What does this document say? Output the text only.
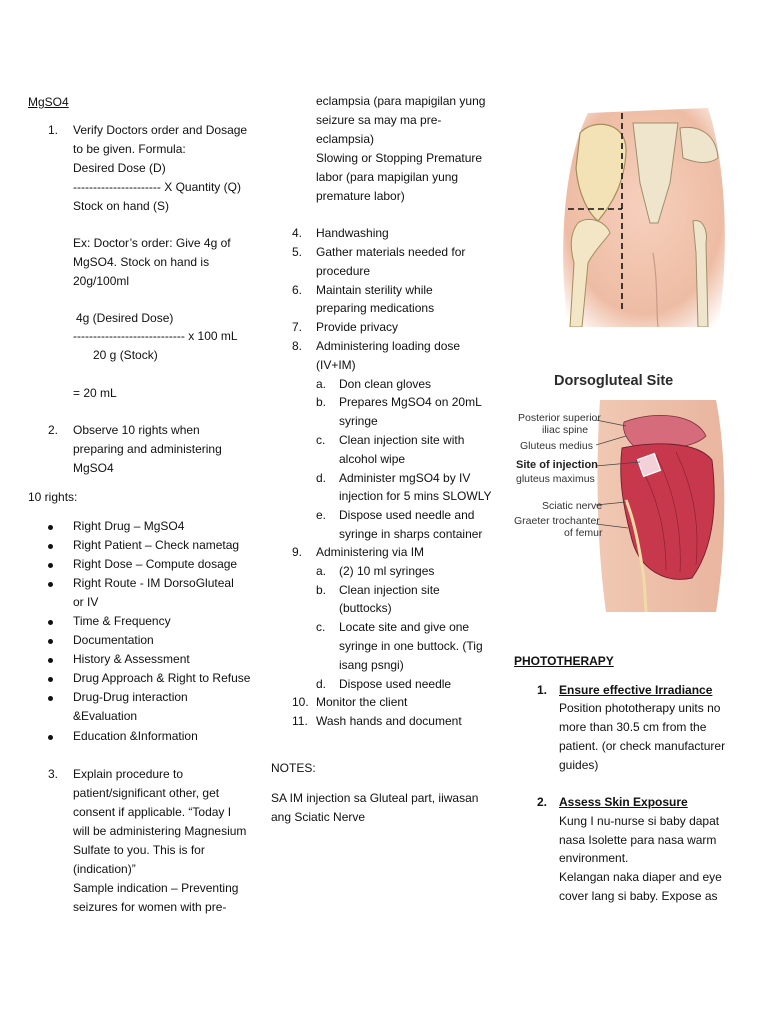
MgSO4
1. Verify Doctors order and Dosage
to be given. Formula:
Desired Dose (D)
---------------------- X Quantity (Q)
Stock on hand (S)
Ex: Doctor’s order: Give 4g of
MgSO4. Stock on hand is
20g/100ml
4g (Desired Dose)
---------------------------- x 100 mL
20 g (Stock)
= 20 mL
2. Observe 10 rights when
preparing and administering
MgSO4
10 rights:
Right Drug – MgSO4
Right Patient – Check nametag
Right Dose – Compute dosage
Right Route - IM DorsoGluteal
or IV
Time & Frequency
Documentation
History & Assessment
Drug Approach & Right to Refuse
Drug-Drug interaction
&Evaluation
Education &Information
3. Explain procedure to
patient/significant other, get
consent if applicable. “Today I
will be administering Magnesium
Sulfate to you. This is for
(indication)”
Sample indication – Preventing
seizures for women with pre-
eclampsia (para mapigilan yung
seizure sa may ma pre-
eclampsia)
Slowing or Stopping Premature
labor (para mapigilan yung
premature labor)
4. Handwashing
5. Gather materials needed for
procedure
6. Maintain sterility while
preparing medications
7. Provide privacy
8. Administering loading dose
(IV+IM)
a. Don clean gloves
b. Prepares MgSO4 on 20mL
syringe
c. Clean injection site with
alcohol wipe
d. Administer mgSO4 by IV
injection for 5 mins SLOWLY
e. Dispose used needle and
syringe in sharps container
9. Administering via IM
a. (2) 10 ml syringes
b. Clean injection site
(buttocks)
c. Locate site and give one
syringe in one buttock. (Tig
isang psngi)
d. Dispose used needle
10. Monitor the client
11. Wash hands and document
NOTES:
SA IM injection sa Gluteal part, iiwasan
ang Sciatic Nerve
Dorsogluteal Site
Posterior superior
iliac spine
Gluteus medius
Site of injection
gluteus maximus
Sciatic nerve
Graeter trochanter
of femur
PHOTOTHERAPY
1. Ensure effective Irradiance
Position phototherapy units no
more than 30.5 cm from the
patient. (or check manufacturer
guides)
2. Assess Skin Exposure
Kung I nu-nurse si baby dapat
nasa Isolette para nasa warm
environment.
Kelangan naka diaper and eye
cover lang si baby. Expose as
